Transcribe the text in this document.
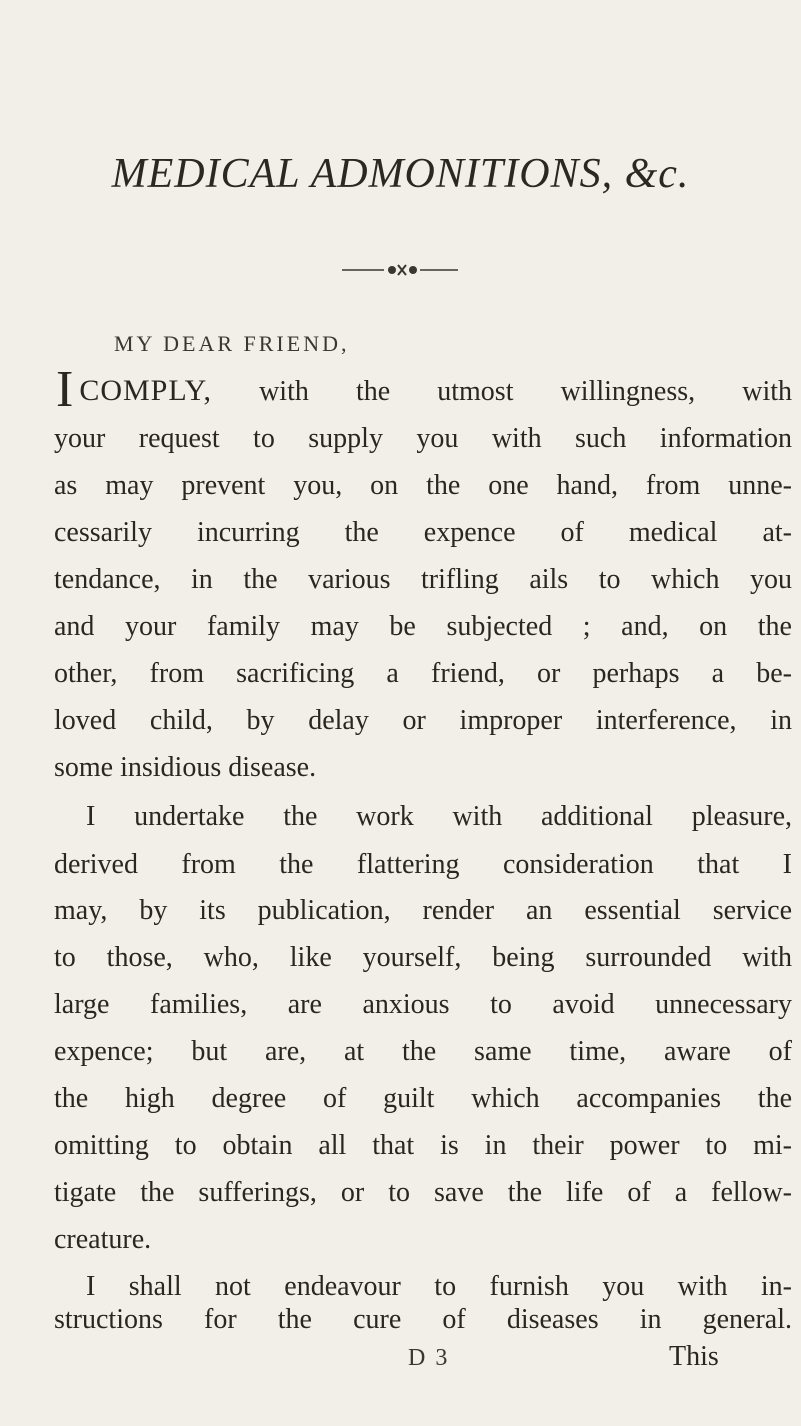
MEDICAL ADMONITIONS, &c.
MY DEAR FRIEND,
ICOMPLY, with the utmost willingness, with
your request to supply you with such information
as may prevent you, on the one hand, from unne-
cessarily incurring the expence of medical at-
tendance, in the various trifling ails to which you
and your family may be subjected ; and, on the
other, from sacrificing a friend, or perhaps a be-
loved child, by delay or improper interference, in
some insidious disease.
I undertake the work with additional pleasure,
derived from the flattering consideration that I
may, by its publication, render an essential service
to those, who, like yourself, being surrounded with
large families, are anxious to avoid unnecessary
expence; but are, at the same time, aware of
the high degree of guilt which accompanies the
omitting to obtain all that is in their power to mi-
tigate the sufferings, or to save the life of a fellow-
creature.
I shall not endeavour to furnish you with in-
structions for the cure of diseases in general.
D 3	This
